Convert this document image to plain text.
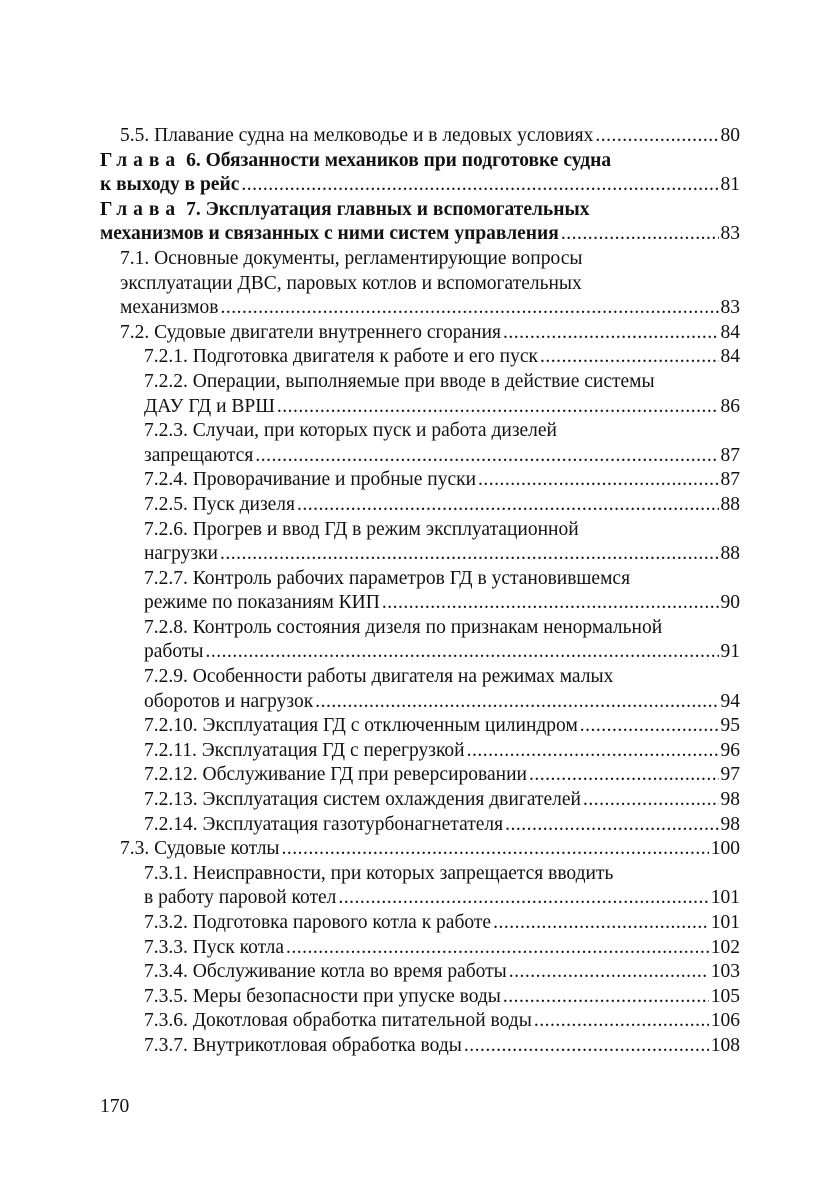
5.5. Плавание судна на мелководье и в ледовых условиях .....	80
Глава 6. Обязанности механиков при подготовке судна
к выходу в рейс .....	81
Глава 7. Эксплуатация главных и вспомогательных
механизмов и связанных с ними систем управления .....	83
7.1. Основные документы, регламентирующие вопросы
эксплуатации ДВС, паровых котлов и вспомогательных
механизмов .....	83
7.2. Судовые двигатели внутреннего сгорания .....	84
7.2.1. Подготовка двигателя к работе и его пуск .....	84
7.2.2. Операции, выполняемые при вводе в действие системы
ДАУ ГД и ВРШ .....	86
7.2.3. Случаи, при которых пуск и работа дизелей
запрещаются .....	87
7.2.4. Проворачивание и пробные пуски .....	87
7.2.5. Пуск дизеля .....	88
7.2.6. Прогрев и ввод ГД в режим эксплуатационной
нагрузки .....	88
7.2.7. Контроль рабочих параметров ГД в установившемся
режиме по показаниям КИП .....	90
7.2.8. Контроль состояния дизеля по признакам ненормальной
работы .....	91
7.2.9. Особенности работы двигателя на режимах малых
оборотов и нагрузок .....	94
7.2.10. Эксплуатация ГД с отключенным цилиндром .....	95
7.2.11. Эксплуатация ГД с перегрузкой .....	96
7.2.12. Обслуживание ГД при реверсировании .....	97
7.2.13. Эксплуатация систем охлаждения двигателей .....	98
7.2.14. Эксплуатация газотурбонагнетателя .....	98
7.3. Судовые котлы .....	100
7.3.1. Неисправности, при которых запрещается вводить
в работу паровой котел .....	101
7.3.2. Подготовка парового котла к работе .....	101
7.3.3. Пуск котла .....	102
7.3.4. Обслуживание котла во время работы .....	103
7.3.5. Меры безопасности при упуске воды .....	105
7.3.6. Докотловая обработка питательной воды .....	106
7.3.7. Внутрикотловая обработка воды .....	108
170
